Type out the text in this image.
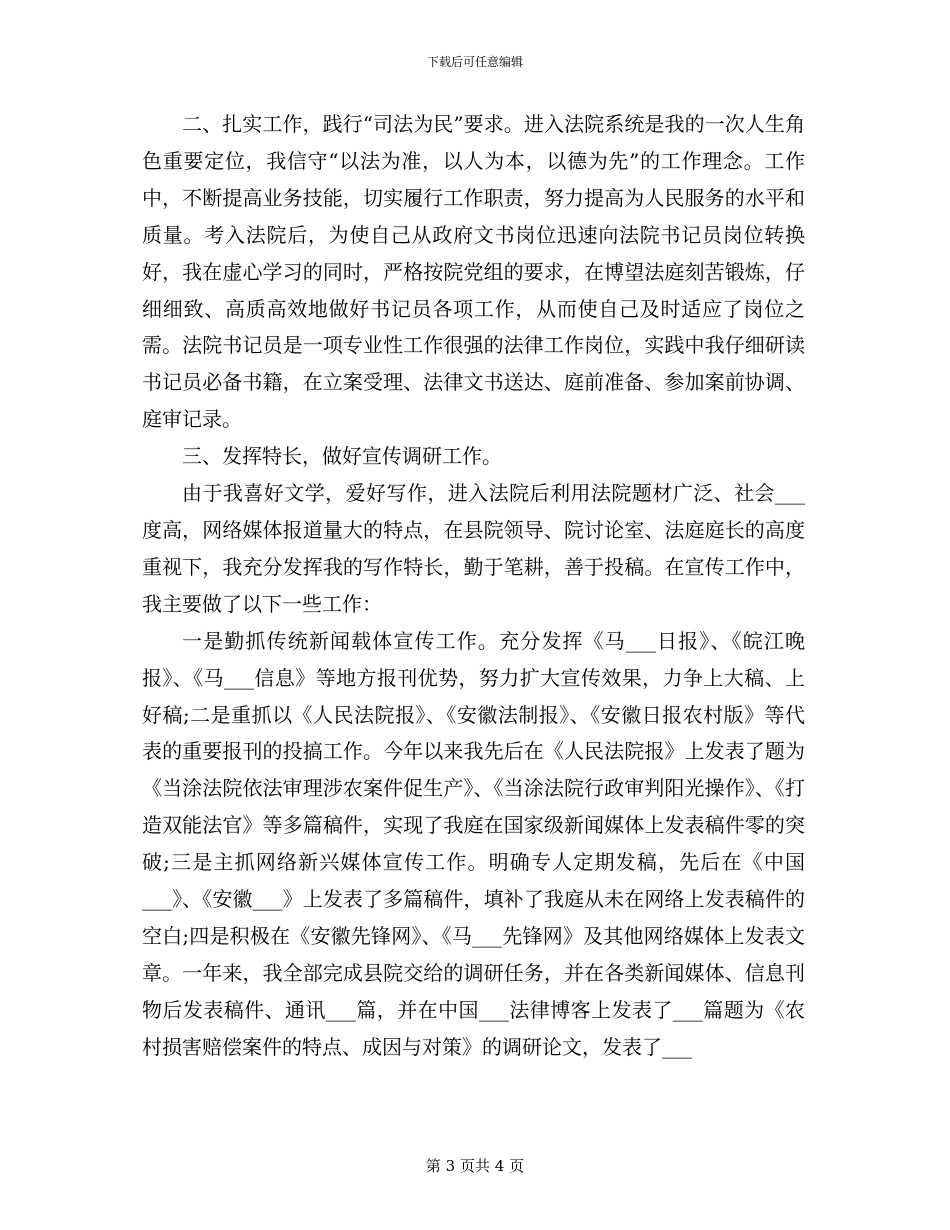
下载后可任意编辑

二、扎实工作，践行“司法为民”要求。进入法院系统是我的一次人生角色重要定位，我信守“以法为准，以人为本，以德为先”的工作理念。工作中，不断提高业务技能，切实履行工作职责，努力提高为人民服务的水平和质量。考入法院后，为使自己从政府文书岗位迅速向法院书记员岗位转换好，我在虚心学习的同时，严格按院党组的要求，在博望法庭刻苦锻炼，仔细细致、高质高效地做好书记员各项工作，从而使自己及时适应了岗位之需。法院书记员是一项专业性工作很强的法律工作岗位，实践中我仔细研读书记员必备书籍，在立案受理、法律文书送达、庭前准备、参加案前协调、庭审记录。

三、发挥特长，做好宣传调研工作。

由于我喜好文学，爱好写作，进入法院后利用法院题材广泛、社会___度高，网络媒体报道量大的特点，在县院领导、院讨论室、法庭庭长的高度重视下，我充分发挥我的写作特长，勤于笔耕，善于投稿。在宣传工作中，我主要做了以下一些工作：

一是勤抓传统新闻载体宣传工作。充分发挥《马___日报》、《皖江晚报》、《马___信息》等地方报刊优势，努力扩大宣传效果，力争上大稿、上好稿;二是重抓以《人民法院报》、《安徽法制报》、《安徽日报农村版》等代表的重要报刊的投搞工作。今年以来我先后在《人民法院报》上发表了题为《当涂法院依法审理涉农案件促生产》、《当涂法院行政审判阳光操作》、《打造双能法官》等多篇稿件，实现了我庭在国家级新闻媒体上发表稿件零的突破;三是主抓网络新兴媒体宣传工作。明确专人定期发稿，先后在《中国___》、《安徽___》上发表了多篇稿件，填补了我庭从未在网络上发表稿件的空白;四是积极在《安徽先锋网》、《马___先锋网》及其他网络媒体上发表文章。一年来，我全部完成县院交给的调研任务，并在各类新闻媒体、信息刊物后发表稿件、通讯___篇，并在中国___法律博客上发表了___篇题为《农村损害赔偿案件的特点、成因与对策》的调研论文，发表了___

第 3 页共 4 页
